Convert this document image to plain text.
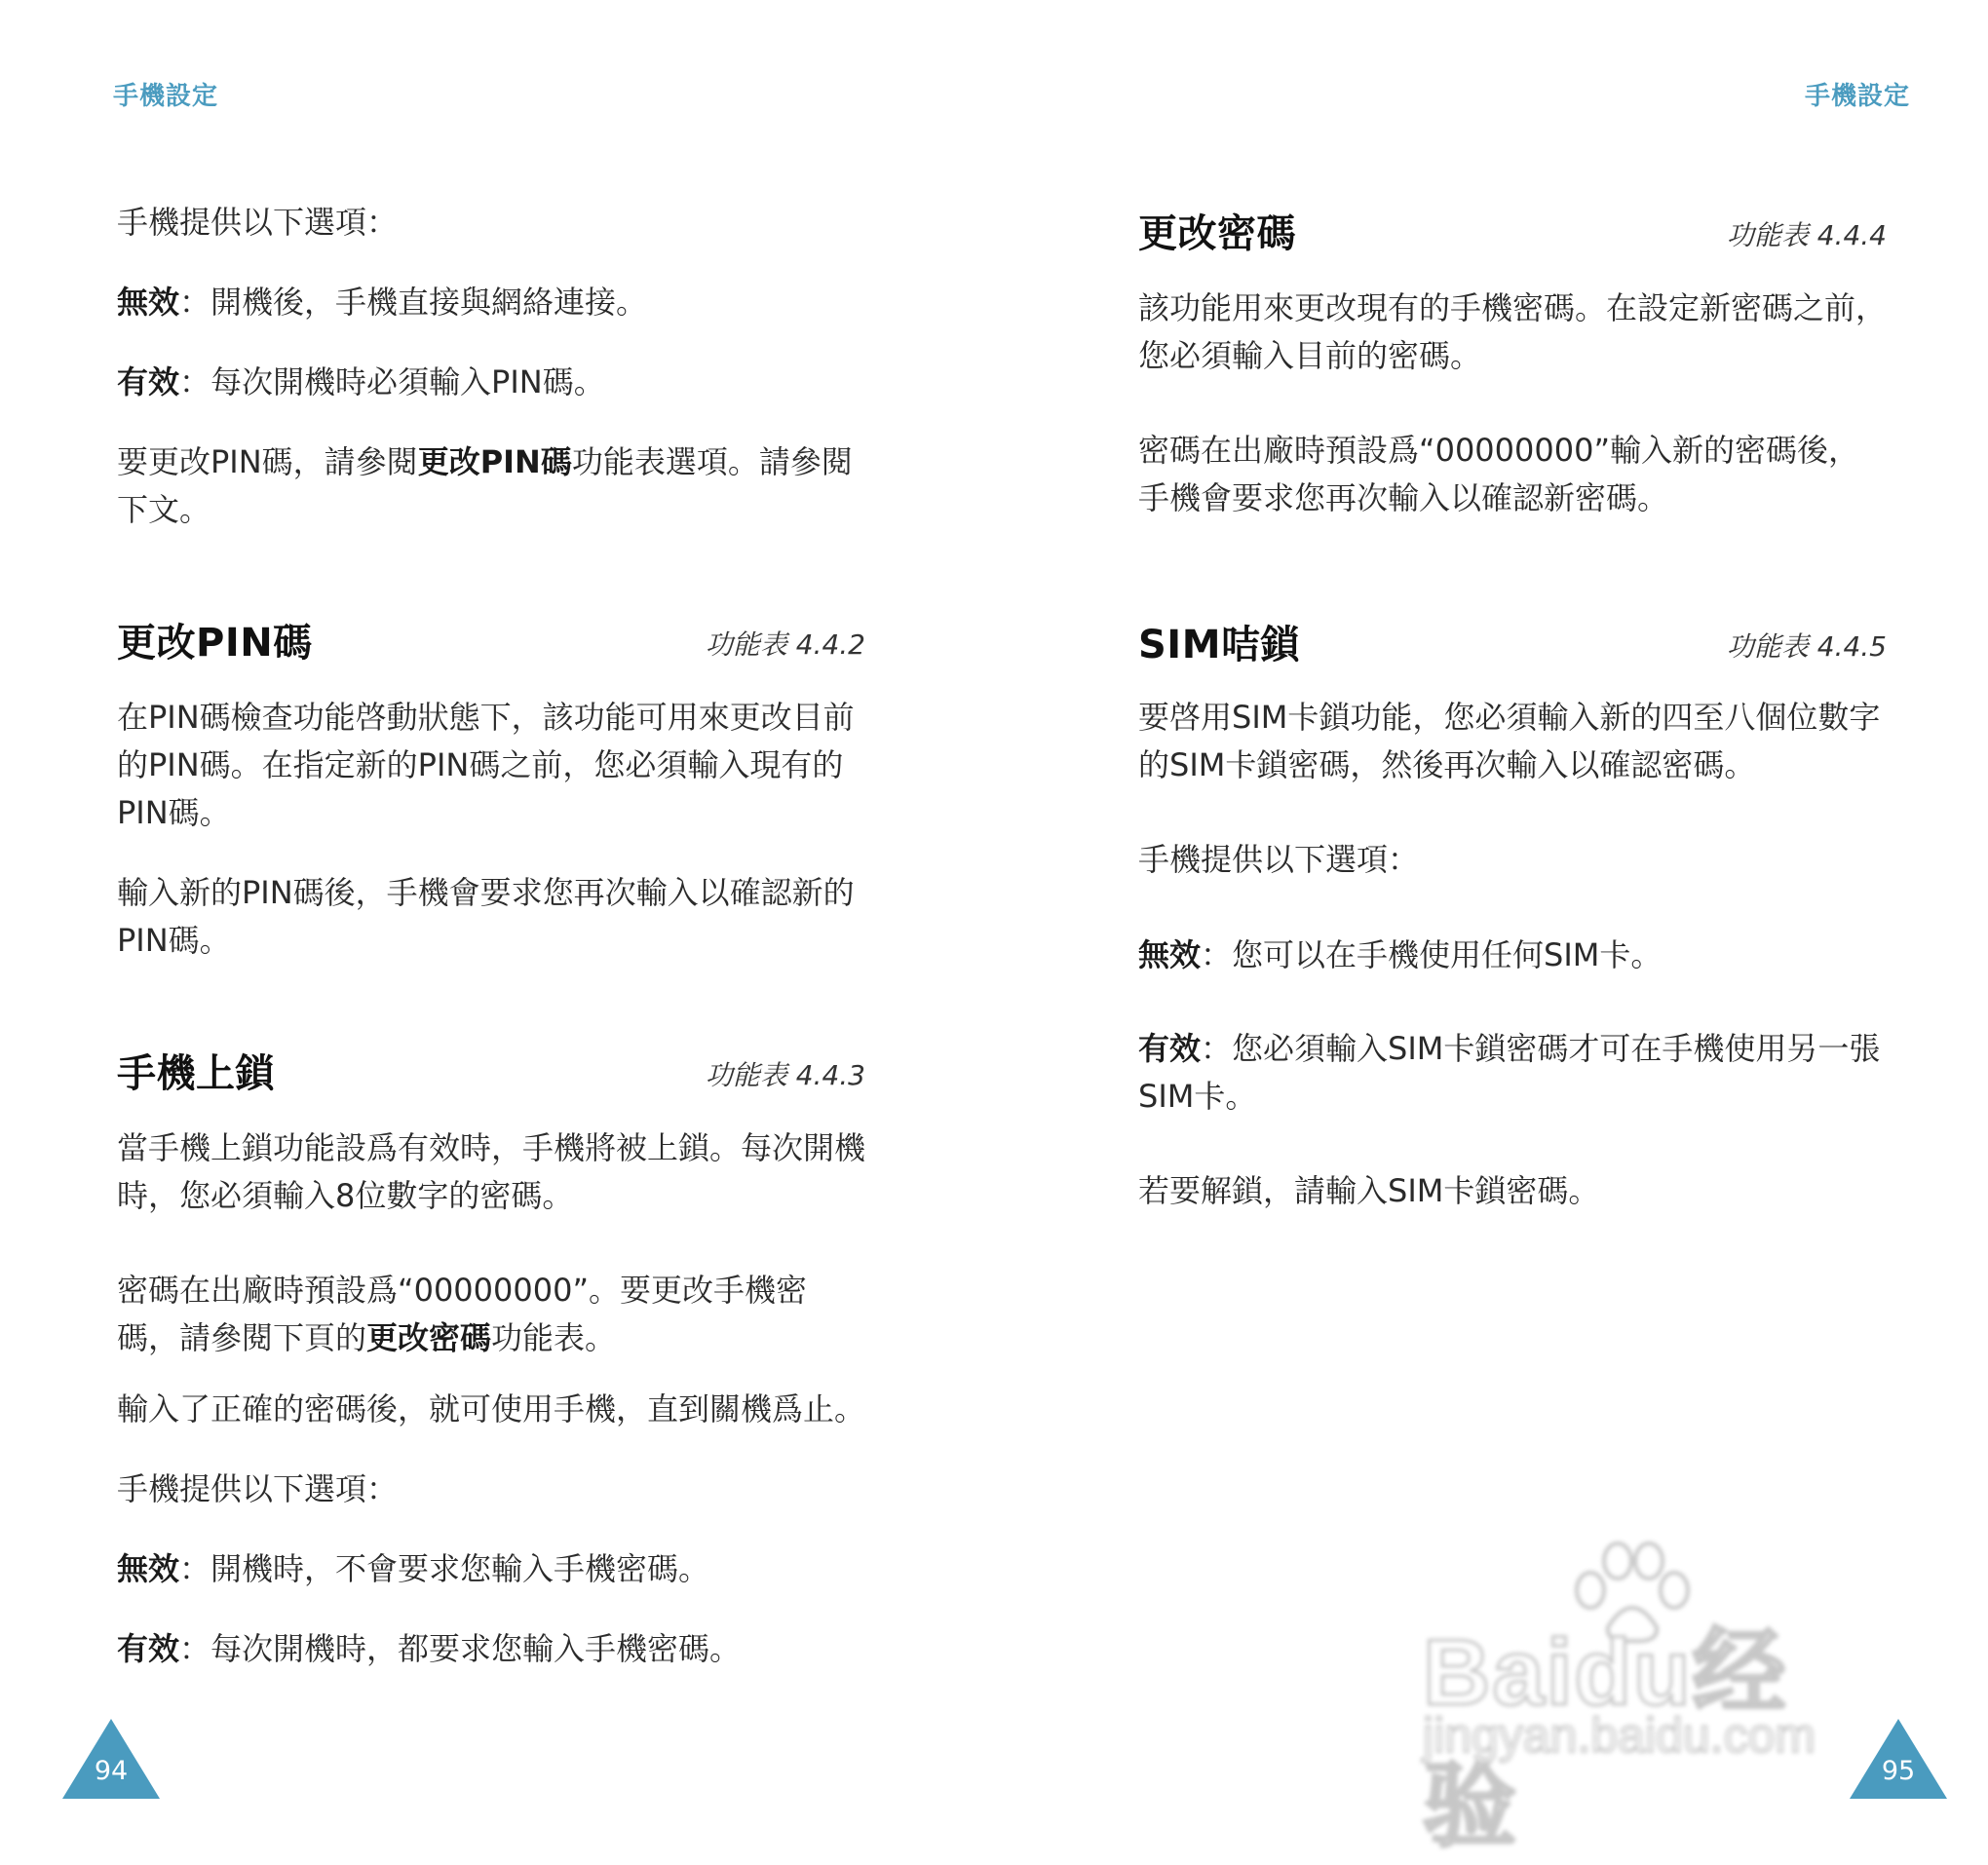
手機設定

手機提供以下選項：

無效：開機後，手機直接與網絡連接。

有效：每次開機時必須輸入PIN碼。

要更改PIN碼，請參閱更改PIN碼功能表選項。請參閱下文。

更改PIN碼	功能表 4.4.2

在PIN碼檢查功能啓動狀態下，該功能可用來更改目前的PIN碼。在指定新的PIN碼之前，您必須輸入現有的PIN碼。

輸入新的PIN碼後，手機會要求您再次輸入以確認新的PIN碼。

手機上鎖	功能表 4.4.3

當手機上鎖功能設爲有效時，手機將被上鎖。每次開機時，您必須輸入8位數字的密碼。

密碼在出廠時預設爲“00000000”。要更改手機密碼，請參閱下頁的更改密碼功能表。

輸入了正確的密碼後，就可使用手機，直到關機爲止。

手機提供以下選項：

無效：開機時，不會要求您輸入手機密碼。

有效：每次開機時，都要求您輸入手機密碼。

94
手機設定
更改密碼	功能表 4.4.4

該功能用來更改現有的手機密碼。在設定新密碼之前，您必須輸入目前的密碼。

密碼在出廠時預設爲“00000000”輸入新的密碼後，手機會要求您再次輸入以確認新密碼。

SIM咭鎖	功能表 4.4.5

要啓用SIM卡鎖功能，您必須輸入新的四至八個位數字的SIM卡鎖密碼，然後再次輸入以確認密碼。

手機提供以下選項：

無效：您可以在手機使用任何SIM卡。

有效：您必須輸入SIM卡鎖密碼才可在手機使用另一張SIM卡。

若要解鎖，請輸入SIM卡鎖密碼。

95
Baidu经验
jingyan.baidu.com
